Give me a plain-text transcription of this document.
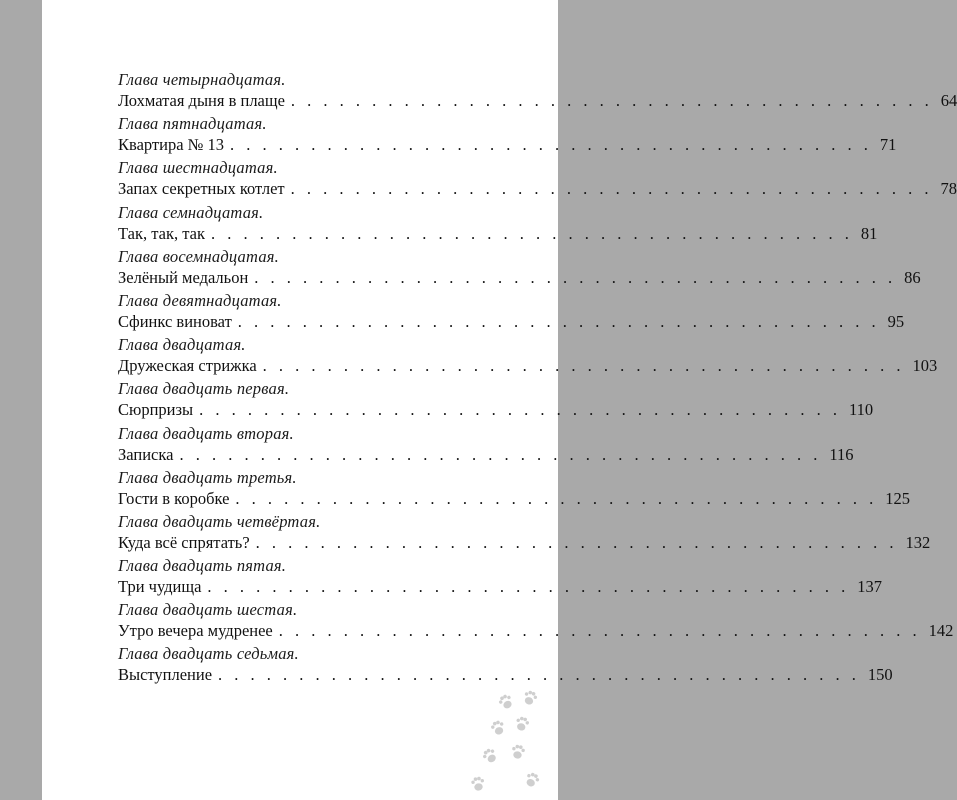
Глава четырнадцатая.
Лохматая дыня в плаще . . . . . . . . . . . . . . . . . . . . . . . . . . . . . . . . . . . . . . . . 64
Глава пятнадцатая.
Квартира № 13 . . . . . . . . . . . . . . . . . . . . . . . . . . . . . . . . . . . . . . . . 71
Глава шестнадцатая.
Запах секретных котлет . . . . . . . . . . . . . . . . . . . . . . . . . . . . . . . . . . . . . . . . 78
Глава семнадцатая.
Так, так, так . . . . . . . . . . . . . . . . . . . . . . . . . . . . . . . . . . . . . . . . 81
Глава восемнадцатая.
Зелёный медальон . . . . . . . . . . . . . . . . . . . . . . . . . . . . . . . . . . . . . . . . 86
Глава девятнадцатая.
Сфинкс виноват . . . . . . . . . . . . . . . . . . . . . . . . . . . . . . . . . . . . . . . . 95
Глава двадцатая.
Дружеская стрижка . . . . . . . . . . . . . . . . . . . . . . . . . . . . . . . . . . . . . . . . 103
Глава двадцать первая.
Сюрпризы . . . . . . . . . . . . . . . . . . . . . . . . . . . . . . . . . . . . . . . . 110
Глава двадцать вторая.
Записка . . . . . . . . . . . . . . . . . . . . . . . . . . . . . . . . . . . . . . . . 116
Глава двадцать третья.
Гости в коробке . . . . . . . . . . . . . . . . . . . . . . . . . . . . . . . . . . . . . . . . 125
Глава двадцать четвёртая.
Куда всё спрятать? . . . . . . . . . . . . . . . . . . . . . . . . . . . . . . . . . . . . . . . . 132
Глава двадцать пятая.
Три чудища . . . . . . . . . . . . . . . . . . . . . . . . . . . . . . . . . . . . . . . . 137
Глава двадцать шестая.
Утро вечера мудренее . . . . . . . . . . . . . . . . . . . . . . . . . . . . . . . . . . . . . . . . 142
Глава двадцать седьмая.
Выступление . . . . . . . . . . . . . . . . . . . . . . . . . . . . . . . . . . . . . . . . 150
